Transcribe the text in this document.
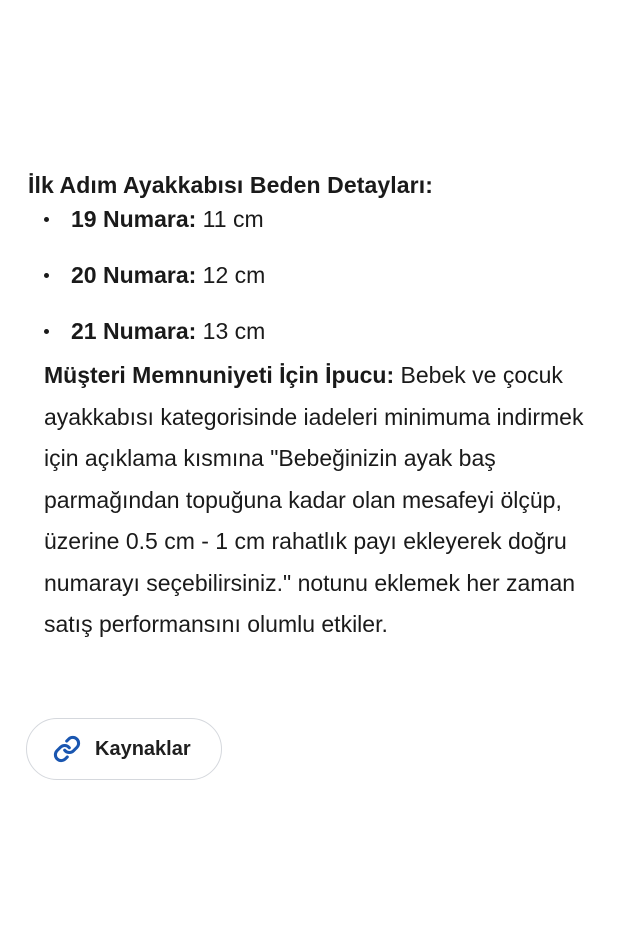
İlk Adım Ayakkabısı Beden Detayları:

19 Numara: 11 cm
20 Numara: 12 cm
21 Numara: 13 cm

Müşteri Memnuniyeti İçin İpucu: Bebek ve çocuk ayakkabısı kategorisinde iadeleri minimuma indirmek için açıklama kısmına "Bebeğinizin ayak baş parmağından topuğuna kadar olan mesafeyi ölçüp, üzerine 0.5 cm - 1 cm rahatlık payı ekleyerek doğru numarayı seçebilirsiniz." notunu eklemek her zaman satış performansını olumlu etkiler.

Kaynaklar
